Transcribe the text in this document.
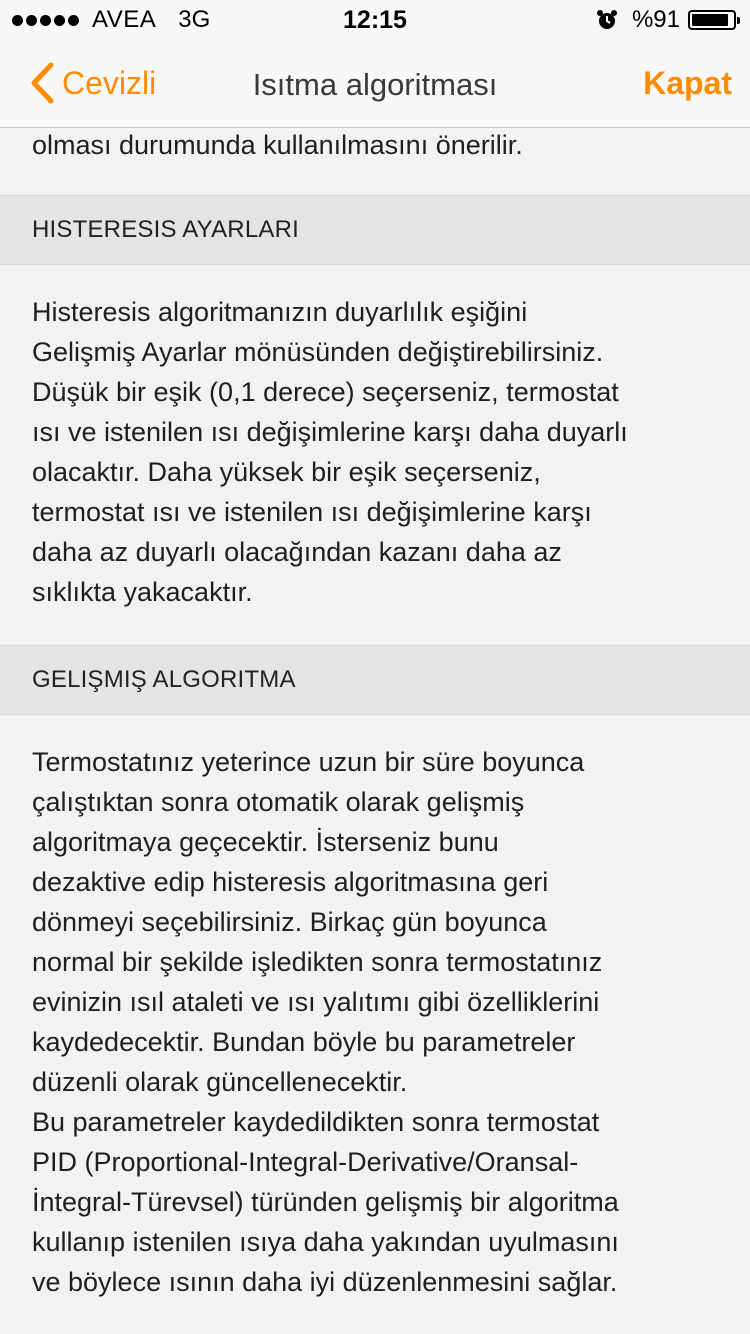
AVEA 3G	12:15	%91
Cevizli	Isıtma algoritması	Kapat

olması durumunda kullanılmasını önerilir.

HISTERESIS AYARLARI

Histeresis algoritmanızın duyarlılık eşiğini
Gelişmiş Ayarlar mönüsünden değiştirebilirsiniz.
Düşük bir eşik (0,1 derece) seçerseniz, termostat
ısı ve istenilen ısı değişimlerine karşı daha duyarlı
olacaktır. Daha yüksek bir eşik seçerseniz,
termostat ısı ve istenilen ısı değişimlerine karşı
daha az duyarlı olacağından kazanı daha az
sıklıkta yakacaktır.

GELIŞMIŞ ALGORITMA

Termostatınız yeterince uzun bir süre boyunca
çalıştıktan sonra otomatik olarak gelişmiş
algoritmaya geçecektir. İsterseniz bunu
dezaktive edip histeresis algoritmasına geri
dönmeyi seçebilirsiniz. Birkaç gün boyunca
normal bir şekilde işledikten sonra termostatınız
evinizin ısıl ataleti ve ısı yalıtımı gibi özelliklerini
kaydedecektir. Bundan böyle bu parametreler
düzenli olarak güncellenecektir.
Bu parametreler kaydedildikten sonra termostat
PID (Proportional-Integral-Derivative/Oransal-
İntegral-Türevsel) türünden gelişmiş bir algoritma
kullanıp istenilen ısıya daha yakından uyulmasını
ve böylece ısının daha iyi düzenlenmesini sağlar.
